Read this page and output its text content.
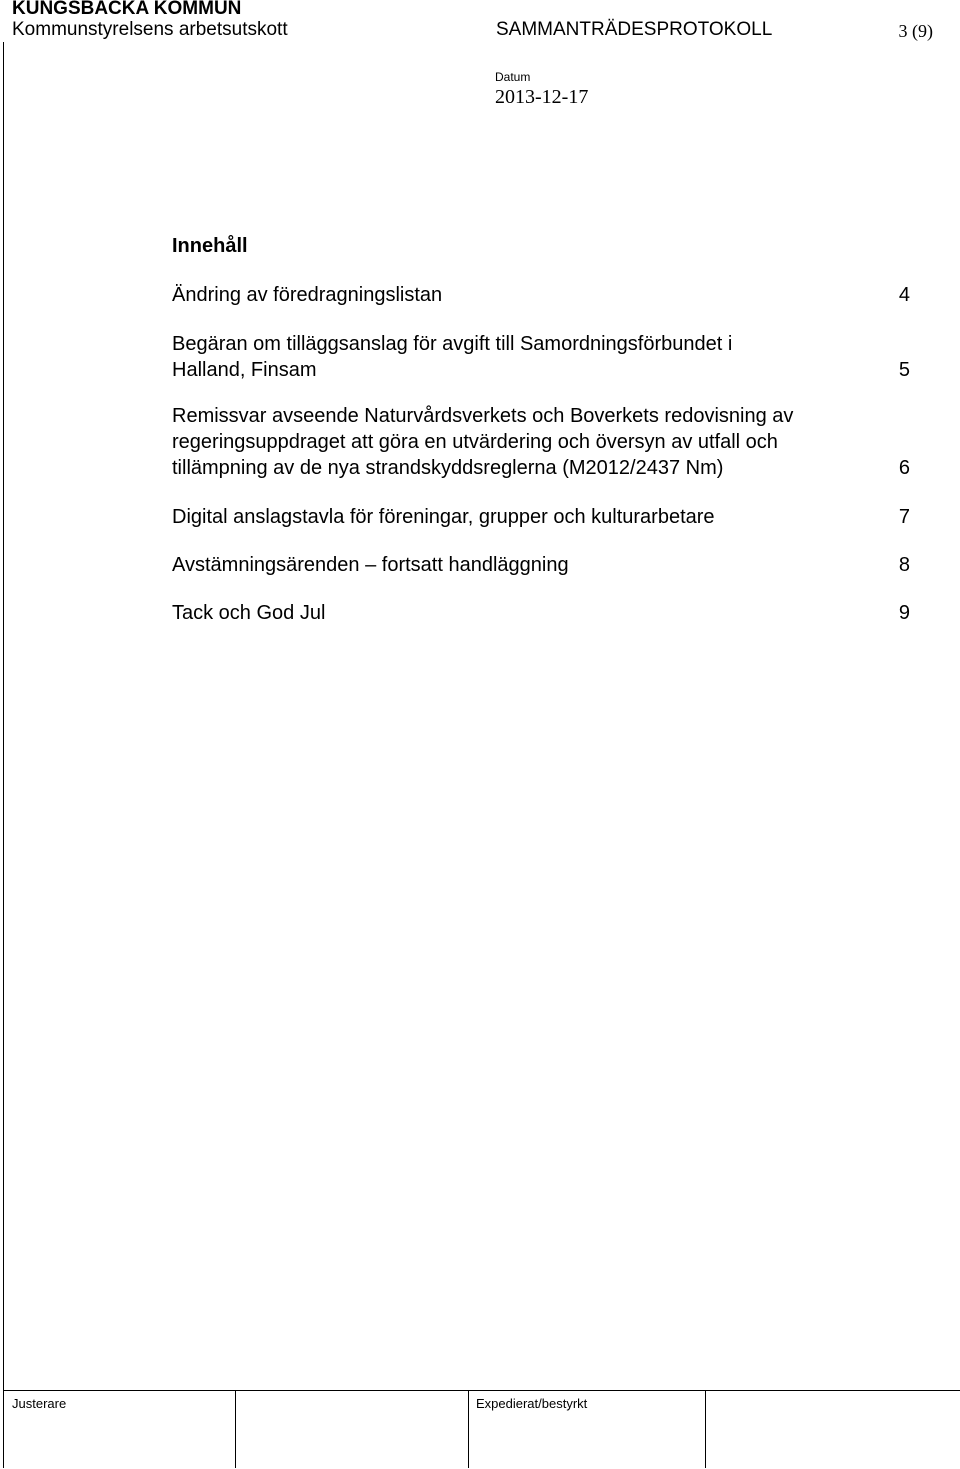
KUNGSBACKA KOMMUN
Kommunstyrelsens arbetsutskott	SAMMANTRÄDESPROTOKOLL	3 (9)
Datum
2013-12-17
Innehåll
Ändring av föredragningslistan	4
Begäran om tilläggsanslag för avgift till Samordningsförbundet i Halland, Finsam	5
Remissvar avseende Naturvårdsverkets och Boverkets redovisning av regeringsuppdraget att göra en utvärdering och översyn av utfall och tillämpning av de nya strandskyddsreglerna (M2012/2437 Nm)	6
Digital anslagstavla för föreningar, grupper och kulturarbetare	7
Avstämningsärenden – fortsatt handläggning	8
Tack och God Jul	9
Justerare	Expedierat/bestyrkt
